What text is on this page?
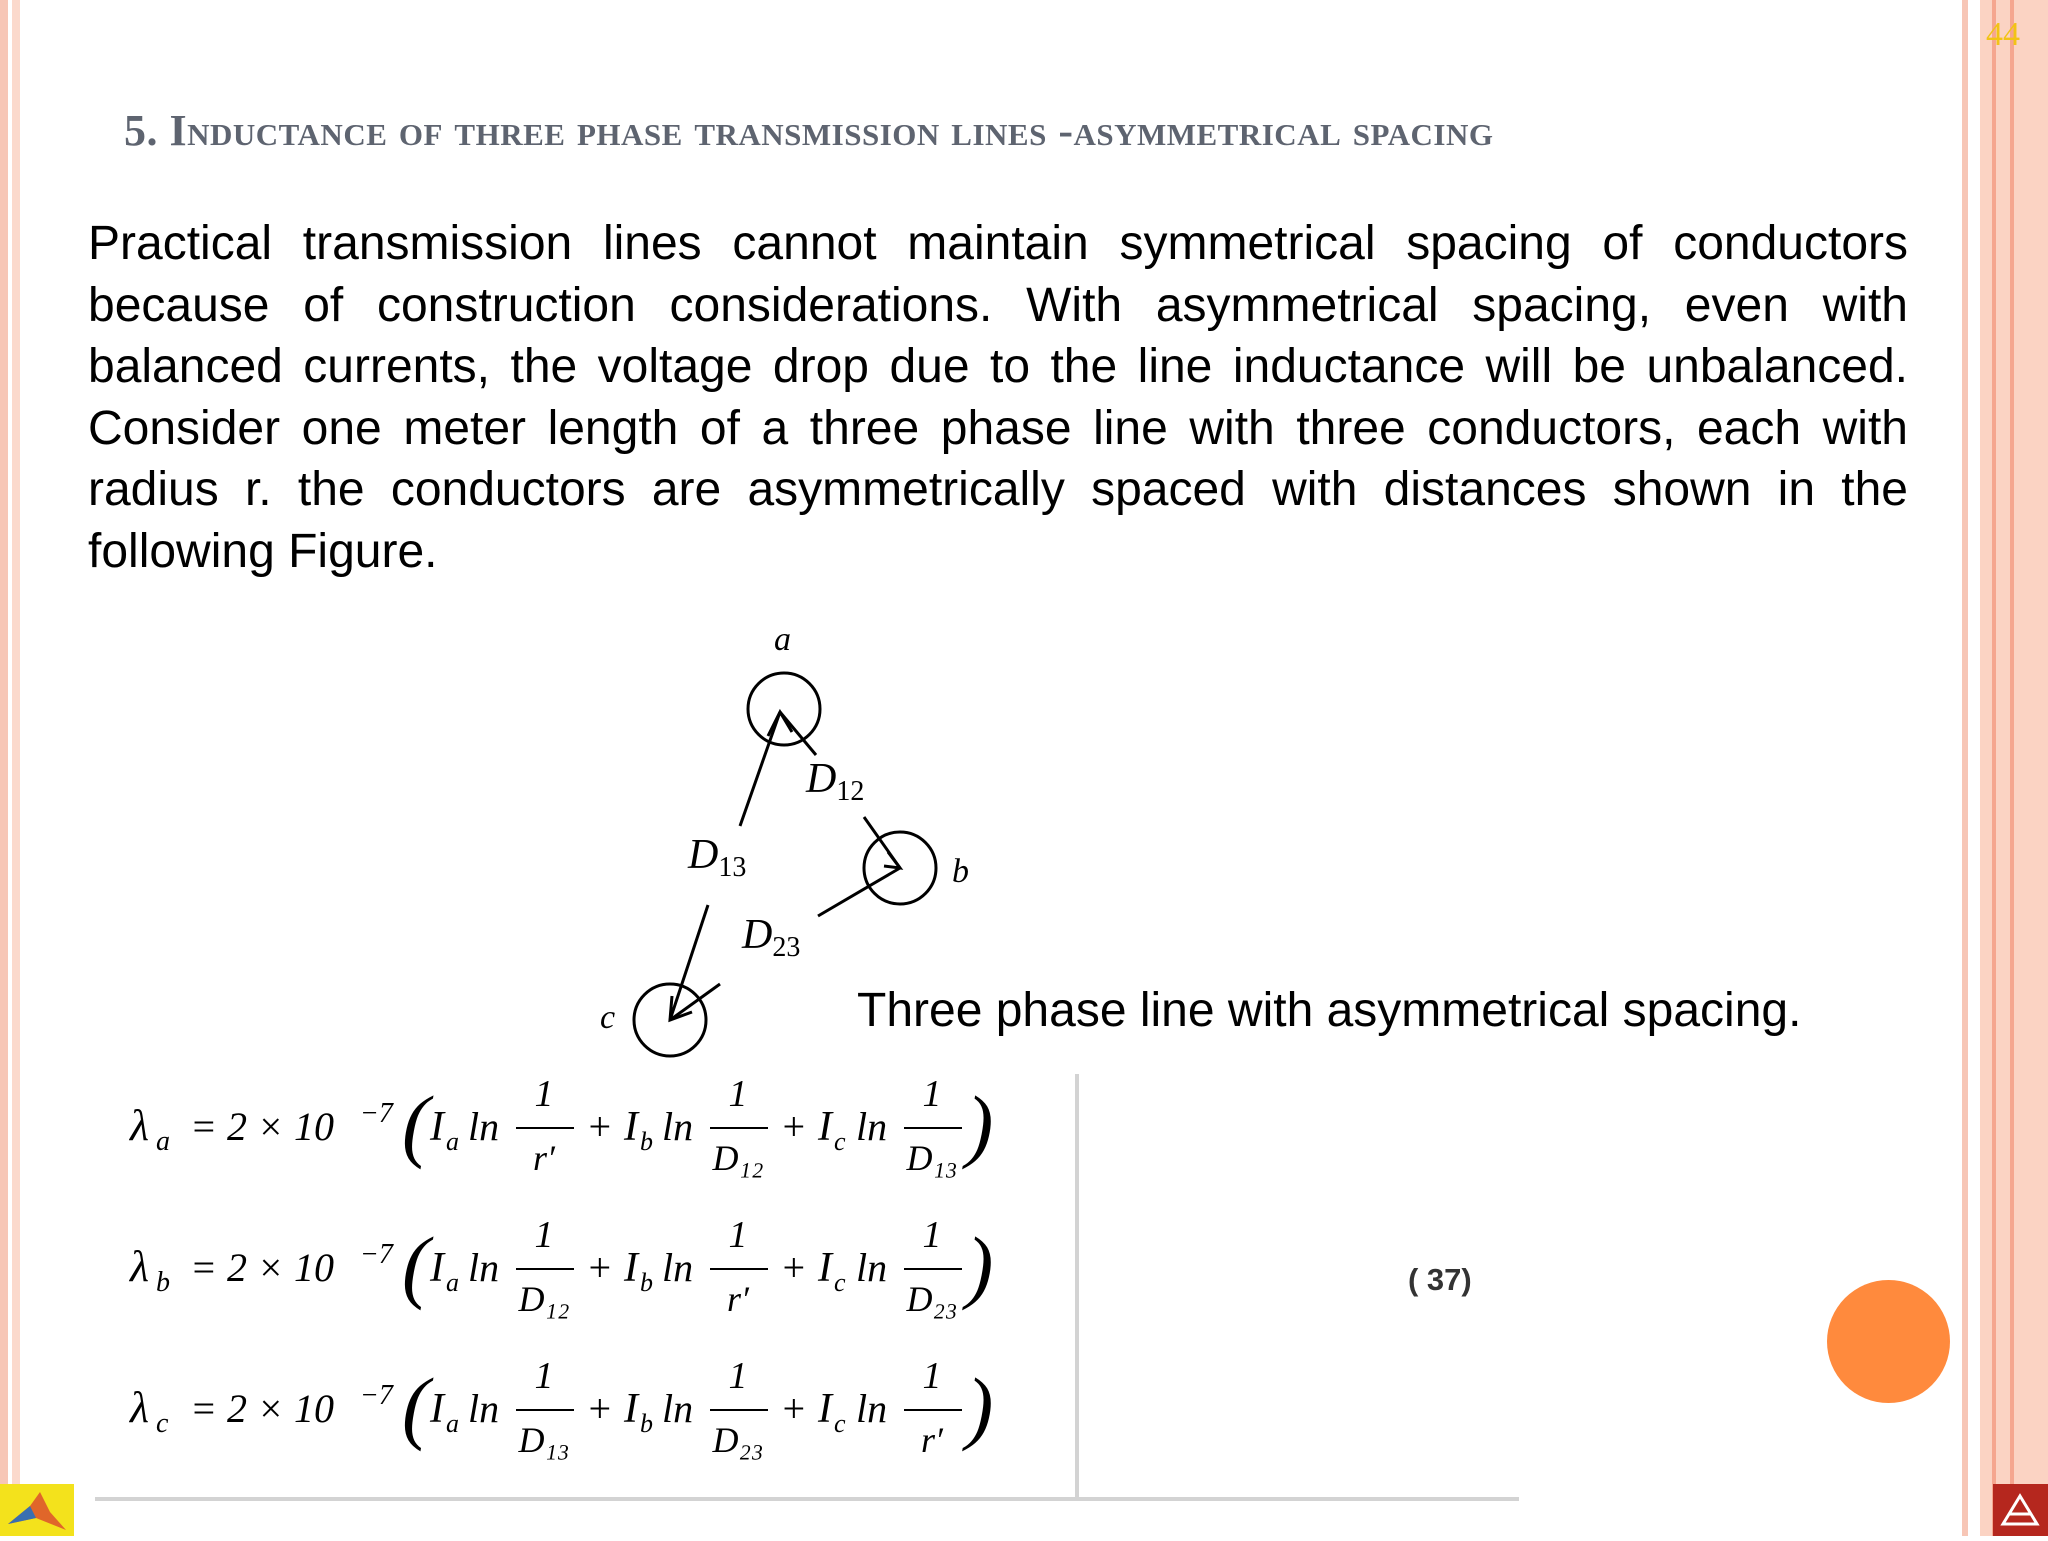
44
5. Inductance of three phase transmission lines -asymmetrical spacing
Practical transmission lines cannot maintain symmetrical spacing of conductors because of construction considerations. With asymmetrical spacing, even with balanced currents, the voltage drop due to the line inductance will be unbalanced. Consider one meter length of a three phase line with three conductors, each with radius r. the conductors are asymmetrically spaced with distances shown in the following Figure.
a
b
c
D12
D13
D23
Three phase line with asymmetrical spacing.
λ a = 2 × 10 −7 ( I a ln
1
r′
+ I b ln
1
D₁₂
+ I c ln
1
D₁₃ )
λ b = 2 × 10 −7 ( I a ln
1
D₁₂
+ I b ln
1
r′
+ I c ln
1
D₂₃ )
λ c = 2 × 10 −7 ( I a ln
1
D₁₃
+ I b ln
1
D₂₃
+ I c ln
1
r′ )
( 37)
